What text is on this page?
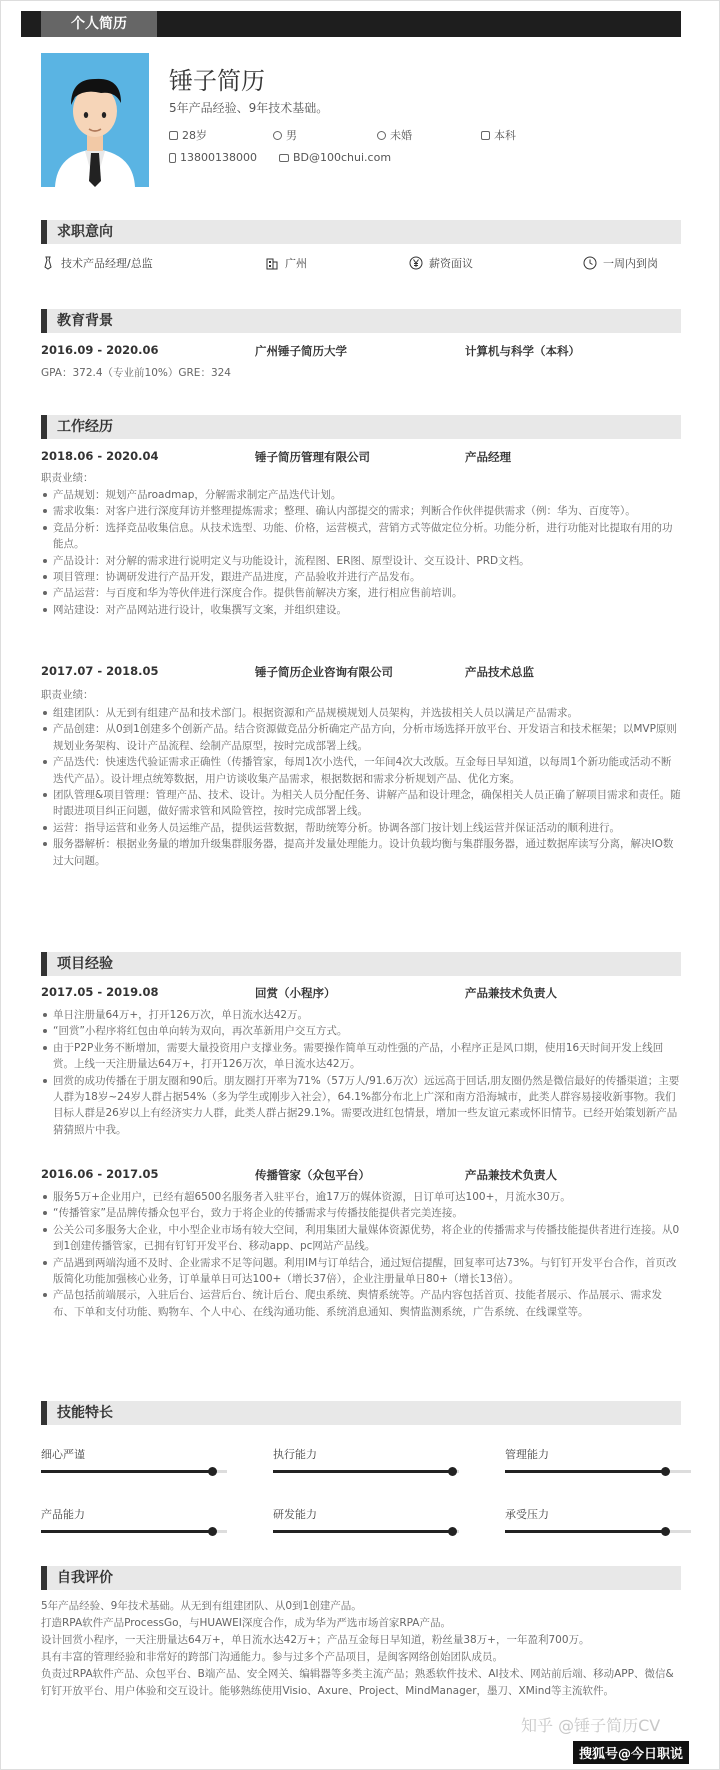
个人简历
锤子简历
5年产品经验、9年技术基础。
28岁	男	未婚	本科
13800138000	BD@100chui.com
求职意向
技术产品经理/总监	广州	薪资面议	一周内到岗
教育背景
2016.09 - 2020.06	广州锤子简历大学	计算机与科学（本科）
GPA：372.4（专业前10%）GRE：324
工作经历
2018.06 - 2020.04	锤子简历管理有限公司	产品经理
职责业绩：
产品规划：规划产品roadmap，分解需求制定产品迭代计划。
需求收集：对客户进行深度拜访并整理提炼需求；整理、确认内部提交的需求；判断合作伙伴提供需求（例：华为、百度等）。
竞品分析：选择竞品收集信息。从技术选型、功能、价格，运营模式，营销方式等做定位分析。功能分析，进行功能对比提取有用的功能点。
产品设计：对分解的需求进行说明定义与功能设计，流程图、ER图、原型设计、交互设计、PRD文档。
项目管理：协调研发进行产品开发，跟进产品进度，产品验收并进行产品发布。
产品运营：与百度和华为等伙伴进行深度合作。提供售前解决方案，进行相应售前培训。
网站建设：对产品网站进行设计，收集撰写文案，并组织建设。
2017.07 - 2018.05	锤子简历企业咨询有限公司	产品技术总监
职责业绩：
组建团队：从无到有组建产品和技术部门。根据资源和产品规模规划人员架构，并选拔相关人员以满足产品需求。
产品创建：从0到1创建多个创新产品。结合资源做竞品分析确定产品方向，分析市场选择开放平台、开发语言和技术框架；以MVP原则规划业务架构、设计产品流程、绘制产品原型，按时完成部署上线。
产品迭代：快速迭代验证需求正确性（传播管家，每周1次小迭代，一年间4次大改版。互金每日早知道，以每周1个新功能或活动不断迭代产品）。设计埋点统筹数据，用户访谈收集产品需求，根据数据和需求分析规划产品、优化方案。
团队管理&项目管理：管理产品、技术、设计。为相关人员分配任务、讲解产品和设计理念，确保相关人员正确了解项目需求和责任。随时跟进项目纠正问题，做好需求管和风险管控，按时完成部署上线。
运营：指导运营和业务人员运维产品，提供运营数据，帮助统筹分析。协调各部门按计划上线运营并保证活动的顺利进行。
服务器解析：根据业务量的增加升级集群服务器，提高并发量处理能力。设计负载均衡与集群服务器，通过数据库读写分离，解决IO数过大问题。
项目经验
2017.05 - 2019.08	回赏（小程序）	产品兼技术负责人
单日注册量64万+，打开126万次，单日流水达42万。
“回赏”小程序将红包由单向转为双向，再次革新用户交互方式。
由于P2P业务不断增加，需要大量投资用户支撑业务。需要操作简单互动性强的产品，小程序正是风口期，使用16天时间开发上线回赏。上线一天注册量达64万+，打开126万次，单日流水达42万。
回赏的成功传播在于朋友圈和90后。朋友圈打开率为71%（57万人/91.6万次）远远高于回话,朋友圈仍然是微信最好的传播渠道；主要人群为18岁~24岁人群占据54%（多为学生或刚步入社会），64.1%都分布北上广深和南方沿海城市，此类人群容易接收新事物。我们目标人群是26岁以上有经济实力人群，此类人群占据29.1%。需要改进红包情景，增加一些友谊元素或怀旧情节。已经开始策划新产品猜猜照片中我。
2016.06 - 2017.05	传播管家（众包平台）	产品兼技术负责人
服务5万+企业用户，已经有超6500名服务者入驻平台，逾17万的媒体资源，日订单可达100+，月流水30万。
“传播管家”是品牌传播众包平台，致力于将企业的传播需求与传播技能提供者完美连接。
公关公司多服务大企业，中小型企业市场有较大空间，利用集团大量媒体资源优势，将企业的传播需求与传播技能提供者进行连接。从0到1创建传播管家，已拥有钉钉开发平台、移动app、pc网站产品线。
产品遇到两端沟通不及时、企业需求不足等问题。利用IM与订单结合，通过短信提醒，回复率可达73%。与钉钉开发平台合作，首页改版简化功能加强核心业务，订单量单日可达100+（增长37倍），企业注册量单日80+（增长13倍）。
产品包括前端展示，入驻后台、运营后台、统计后台、爬虫系统、舆情系统等。产品内容包括首页、技能者展示、作品展示、需求发布、下单和支付功能、购物车、个人中心、在线沟通功能、系统消息通知、舆情监测系统，广告系统、在线课堂等。
技能特长
细心严谨	执行能力	管理能力
产品能力	研发能力	承受压力
自我评价

5年产品经验、9年技术基础。从无到有组建团队、从0到1创建产品。

打造RPA软件产品ProcessGo，与HUAWEI深度合作，成为华为严选市场首家RPA产品。

设计回赏小程序，一天注册量达64万+，单日流水达42万+；产品互金每日早知道，粉丝量38万+，一年盈利700万。

具有丰富的管理经验和非常好的跨部门沟通能力。参与过多个产品项目，是闽客网络创始团队成员。

负责过RPA软件产品、众包平台、B端产品、安全网关、编辑器等多类主流产品；熟悉软件技术、AI技术、网站前后端、移动APP、微信&钉钉开放平台、用户体验和交互设计。能够熟练使用Visio、Axure、Project、MindManager，墨刀、XMind等主流软件。

知乎 @锤子简历CV
搜狐号@今日职说
